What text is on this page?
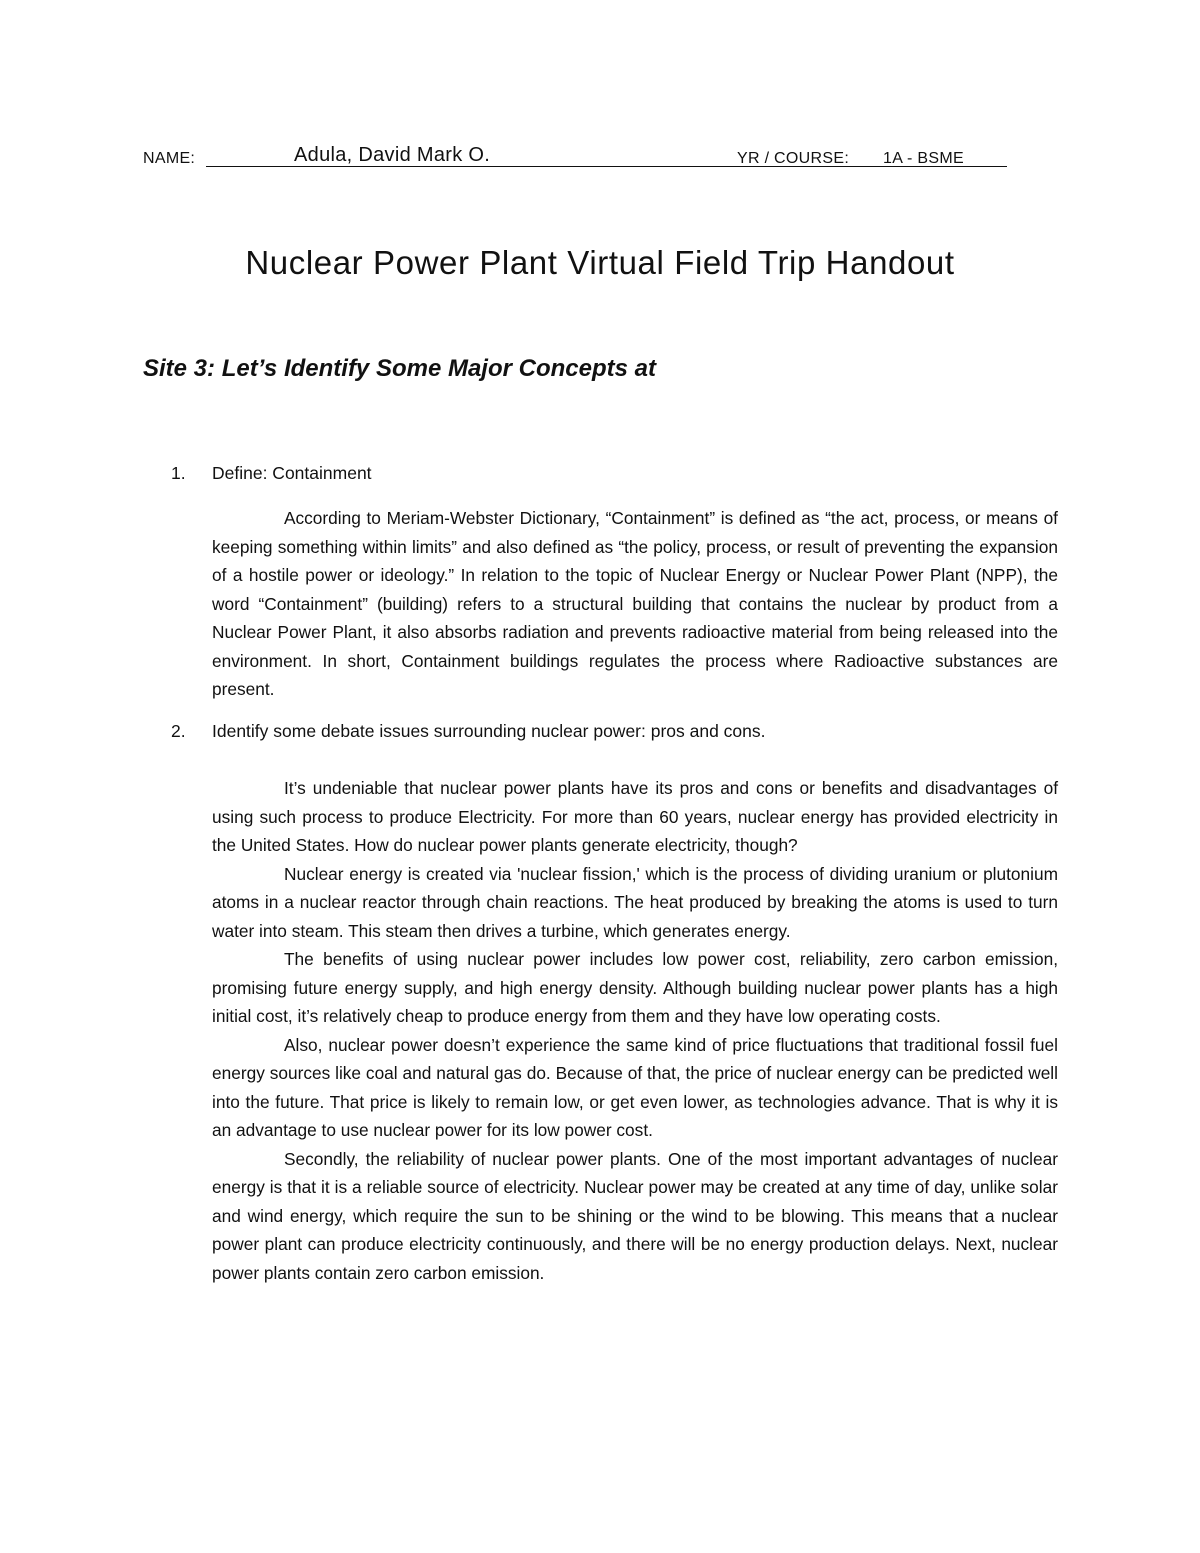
NAME:	Adula, David Mark O.	YR / COURSE: 1A - BSME
Nuclear Power Plant Virtual Field Trip Handout
Site 3: Let’s Identify Some Major Concepts at
1. Define: Containment

According to Meriam-Webster Dictionary, “Containment” is defined as “the act, process, or means of keeping something within limits” and also defined as “the policy, process, or result of preventing the expansion of a hostile power or ideology.” In relation to the topic of Nuclear Energy or Nuclear Power Plant (NPP), the word “Containment” (building) refers to a structural building that contains the nuclear by product from a Nuclear Power Plant, it also absorbs radiation and prevents radioactive material from being released into the environment. In short, Containment buildings regulates the process where Radioactive substances are present.

2. Identify some debate issues surrounding nuclear power: pros and cons.

It’s undeniable that nuclear power plants have its pros and cons or benefits and disadvantages of using such process to produce Electricity. For more than 60 years, nuclear energy has provided electricity in the United States. How do nuclear power plants generate electricity, though?

Nuclear energy is created via 'nuclear fission,' which is the process of dividing uranium or plutonium atoms in a nuclear reactor through chain reactions. The heat produced by breaking the atoms is used to turn water into steam. This steam then drives a turbine, which generates energy.

The benefits of using nuclear power includes low power cost, reliability, zero carbon emission, promising future energy supply, and high energy density. Although building nuclear power plants has a high initial cost, it’s relatively cheap to produce energy from them and they have low operating costs.

Also, nuclear power doesn’t experience the same kind of price fluctuations that traditional fossil fuel energy sources like coal and natural gas do. Because of that, the price of nuclear energy can be predicted well into the future. That price is likely to remain low, or get even lower, as technologies advance. That is why it is an advantage to use nuclear power for its low power cost.

Secondly, the reliability of nuclear power plants. One of the most important advantages of nuclear energy is that it is a reliable source of electricity. Nuclear power may be created at any time of day, unlike solar and wind energy, which require the sun to be shining or the wind to be blowing. This means that a nuclear power plant can produce electricity continuously, and there will be no energy production delays. Next, nuclear power plants contain zero carbon emission.
